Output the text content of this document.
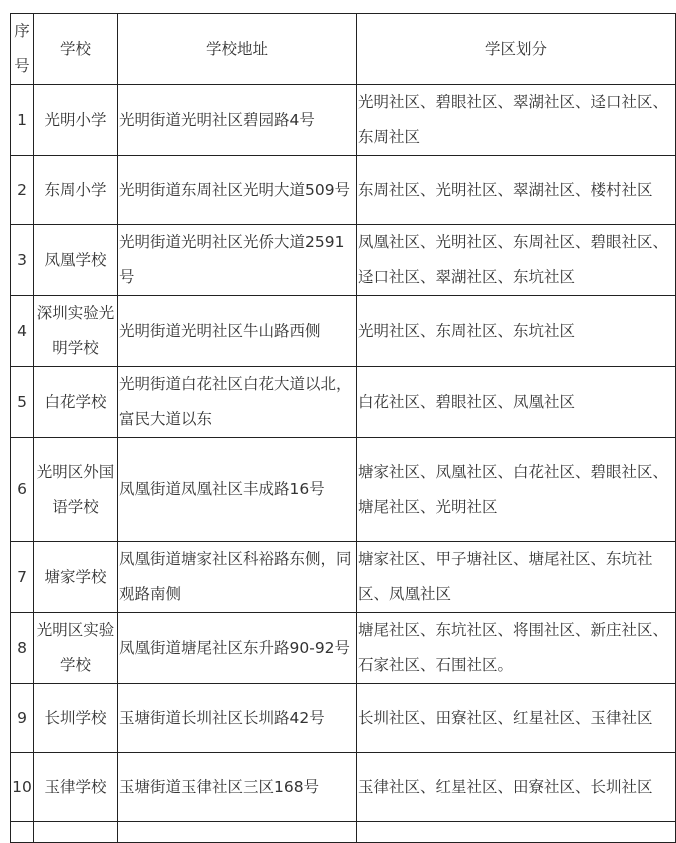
序号	学校	学校地址	学区划分
1	光明小学	光明街道光明社区碧园路4号	光明社区、碧眼社区、翠湖社区、迳口社区、东周社区
2	东周小学	光明街道东周社区光明大道509号	东周社区、光明社区、翠湖社区、楼村社区
3	凤凰学校	光明街道光明社区光侨大道2591号	凤凰社区、光明社区、东周社区、碧眼社区、迳口社区、翠湖社区、东坑社区
4	深圳实验光明学校	光明街道光明社区牛山路西侧	光明社区、东周社区、东坑社区
5	白花学校	光明街道白花社区白花大道以北，富民大道以东	白花社区、碧眼社区、凤凰社区
6	光明区外国语学校	凤凰街道凤凰社区丰成路16号	塘家社区、凤凰社区、白花社区、碧眼社区、塘尾社区、光明社区
7	塘家学校	凤凰街道塘家社区科裕路东侧，同观路南侧	塘家社区、甲子塘社区、塘尾社区、东坑社区、凤凰社区
8	光明区实验学校	凤凰街道塘尾社区东升路90-92号	塘尾社区、东坑社区、将围社区、新庄社区、石家社区、石围社区。
9	长圳学校	玉塘街道长圳社区长圳路42号	长圳社区、田寮社区、红星社区、玉律社区
10	玉律学校	玉塘街道玉律社区三区168号	玉律社区、红星社区、田寮社区、长圳社区
